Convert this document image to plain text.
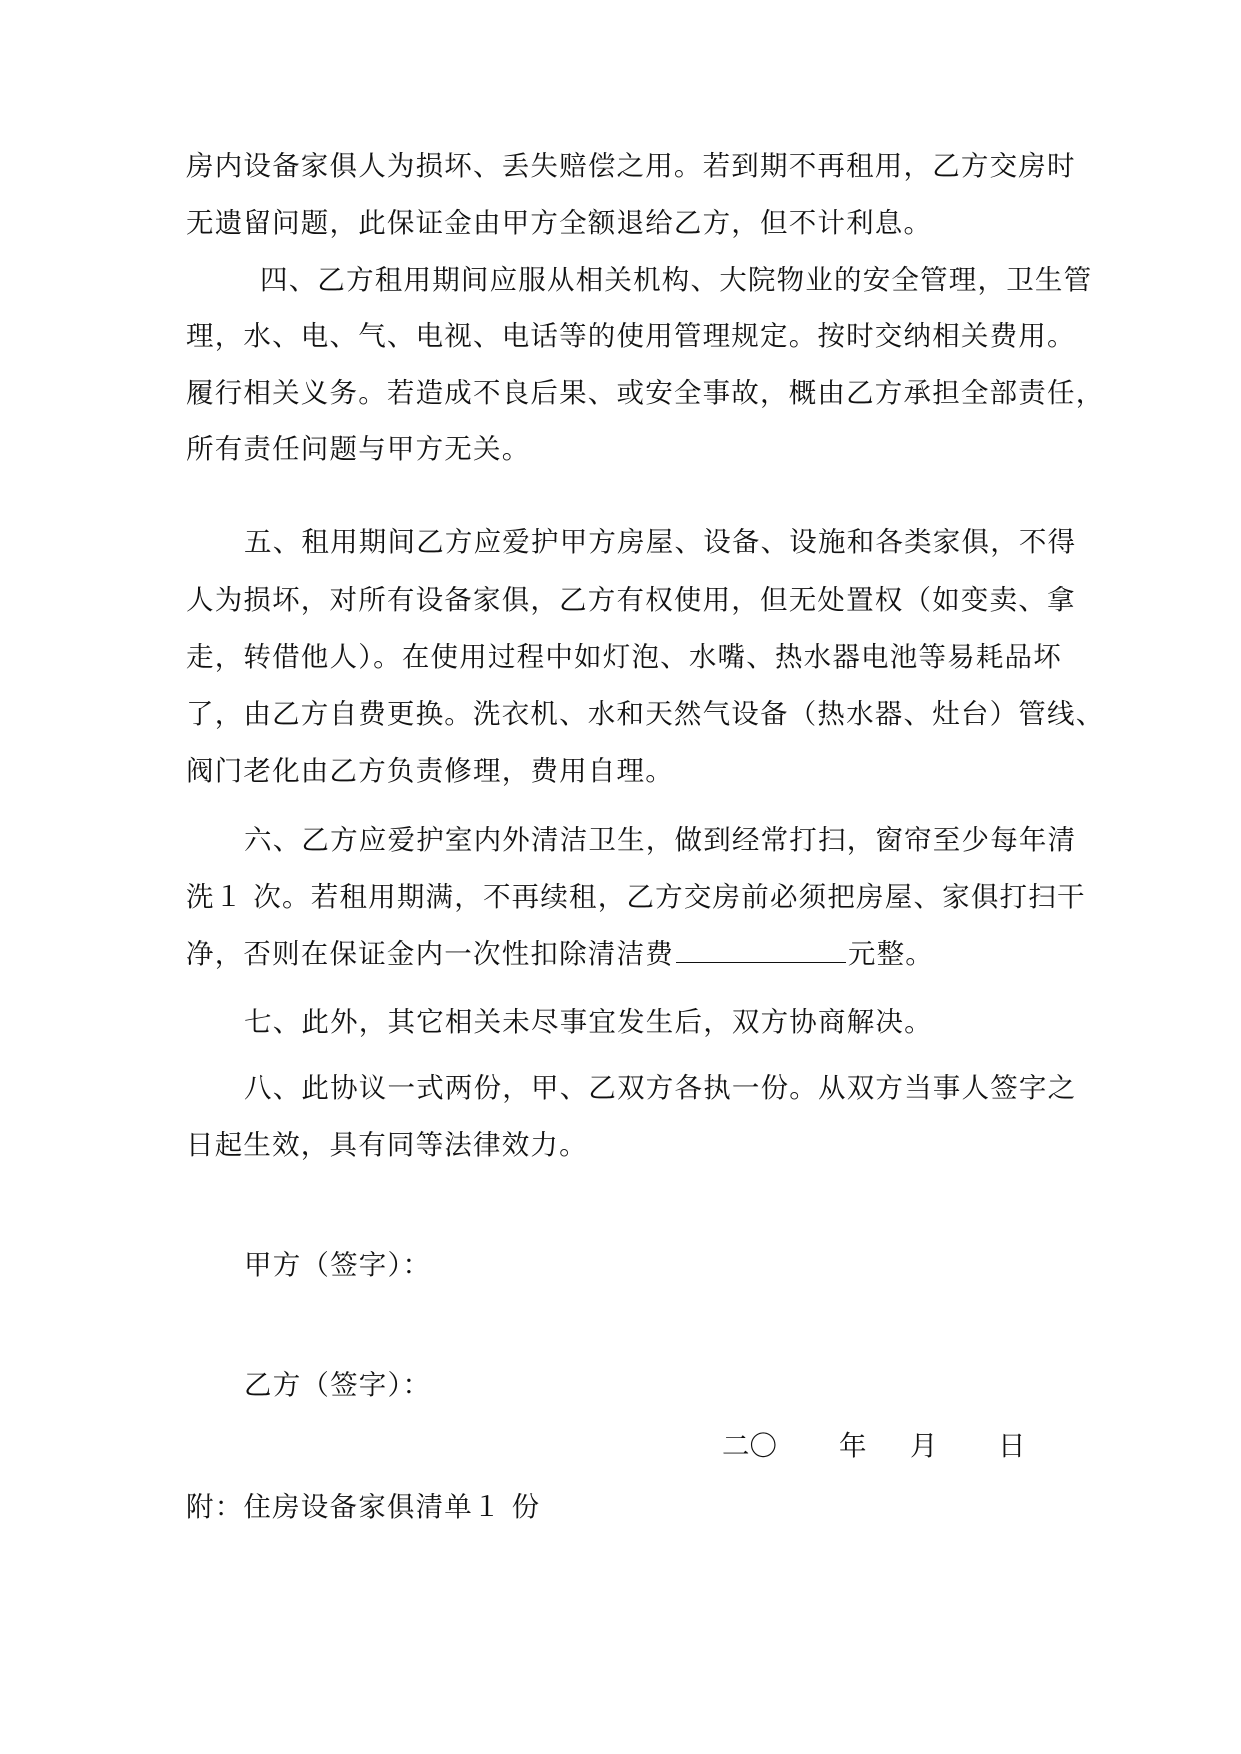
房内设备家俱人为损坏、丢失赔偿之用。若到期不再租用，乙方交房时
无遗留问题，此保证金由甲方全额退给乙方，但不计利息。
四、乙方租用期间应服从相关机构、大院物业的安全管理，卫生管
理，水、电、气、电视、电话等的使用管理规定。按时交纳相关费用。
履行相关义务。若造成不良后果、或安全事故，概由乙方承担全部责任，
所有责任问题与甲方无关。
五、租用期间乙方应爱护甲方房屋、设备、设施和各类家俱，不得
人为损坏，对所有设备家俱，乙方有权使用，但无处置权（如变卖、拿
走，转借他人）。在使用过程中如灯泡、水嘴、热水器电池等易耗品坏
了，由乙方自费更换。洗衣机、水和天然气设备（热水器、灶台）管线、
阀门老化由乙方负责修理，费用自理。
六、乙方应爱护室内外清洁卫生，做到经常打扫，窗帘至少每年清
洗１ 次。若租用期满，不再续租，乙方交房前必须把房屋、家俱打扫干
净，否则在保证金内一次性扣除清洁费	元整。
七、此外，其它相关未尽事宜发生后，双方协商解决。
八、此协议一式两份，甲、乙双方各执一份。从双方当事人签字之
日起生效，具有同等法律效力。
甲方（签字）：
乙方（签字）：
二〇 年 月 日
附：住房设备家俱清单１ 份
